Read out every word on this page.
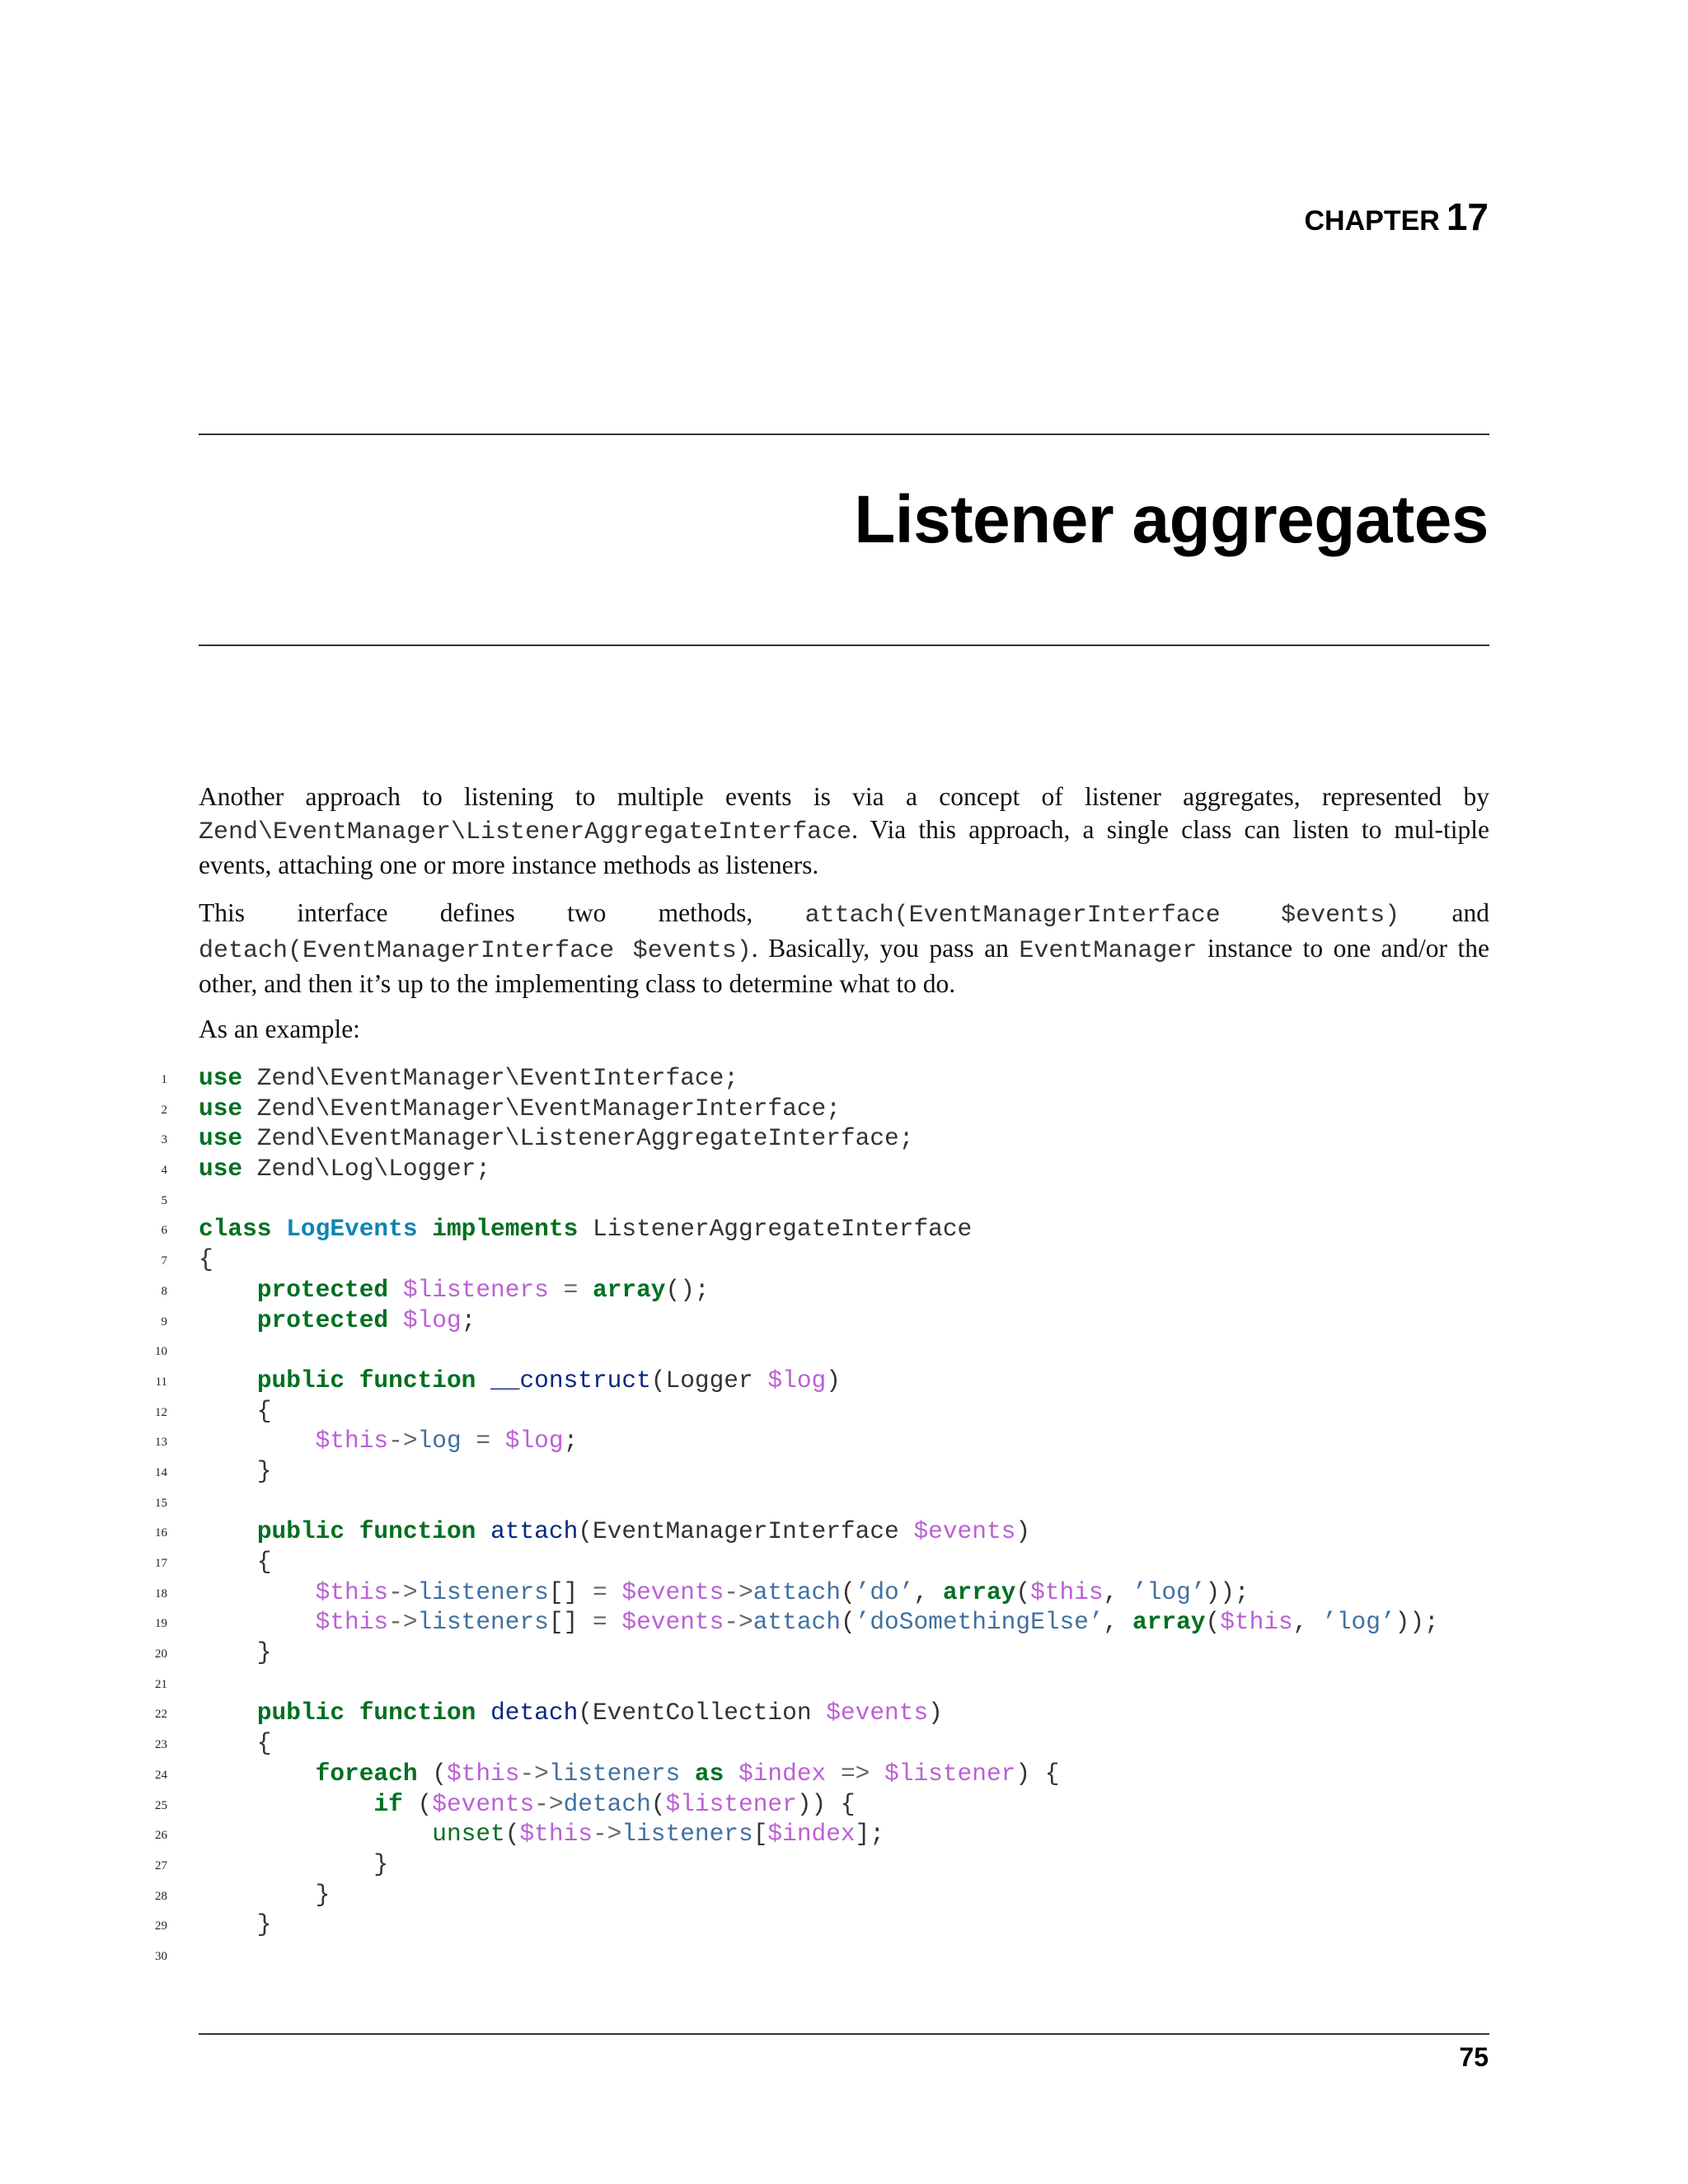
CHAPTER 17
Listener aggregates
Another approach to listening to multiple events is via a concept of listener aggregates, represented by Zend\EventManager\ListenerAggregateInterface. Via this approach, a single class can listen to mul-tiple events, attaching one or more instance methods as listeners.
This interface defines two methods, attach(EventManagerInterface $events) and detach(EventManagerInterface $events). Basically, you pass an EventManager instance to one and/or the other, and then it’s up to the implementing class to determine what to do.
As an example:
1 use Zend\EventManager\EventInterface;
2 use Zend\EventManager\EventManagerInterface;
3 use Zend\EventManager\ListenerAggregateInterface;
4 use Zend\Log\Logger;
5
6 class LogEvents implements ListenerAggregateInterface
7 {
8	protected $listeners = array();
9	protected $log;
10
11	public function __construct(Logger $log)
12 {
13	$this->log = $log;
14 }
15
16	public function attach(EventManagerInterface $events)
17 {
18	$this->listeners[] = $events->attach(’do’, array($this, ’log’));
19	$this->listeners[] = $events->attach(’doSomethingElse’, array($this, ’log’));
20 }
21
22	public function detach(EventCollection $events)
23 {
24	foreach ($this->listeners as $index => $listener) {
25	if ($events->detach($listener)) {
26	unset($this->listeners[$index];
27 }
28 }
29 }
30
75
